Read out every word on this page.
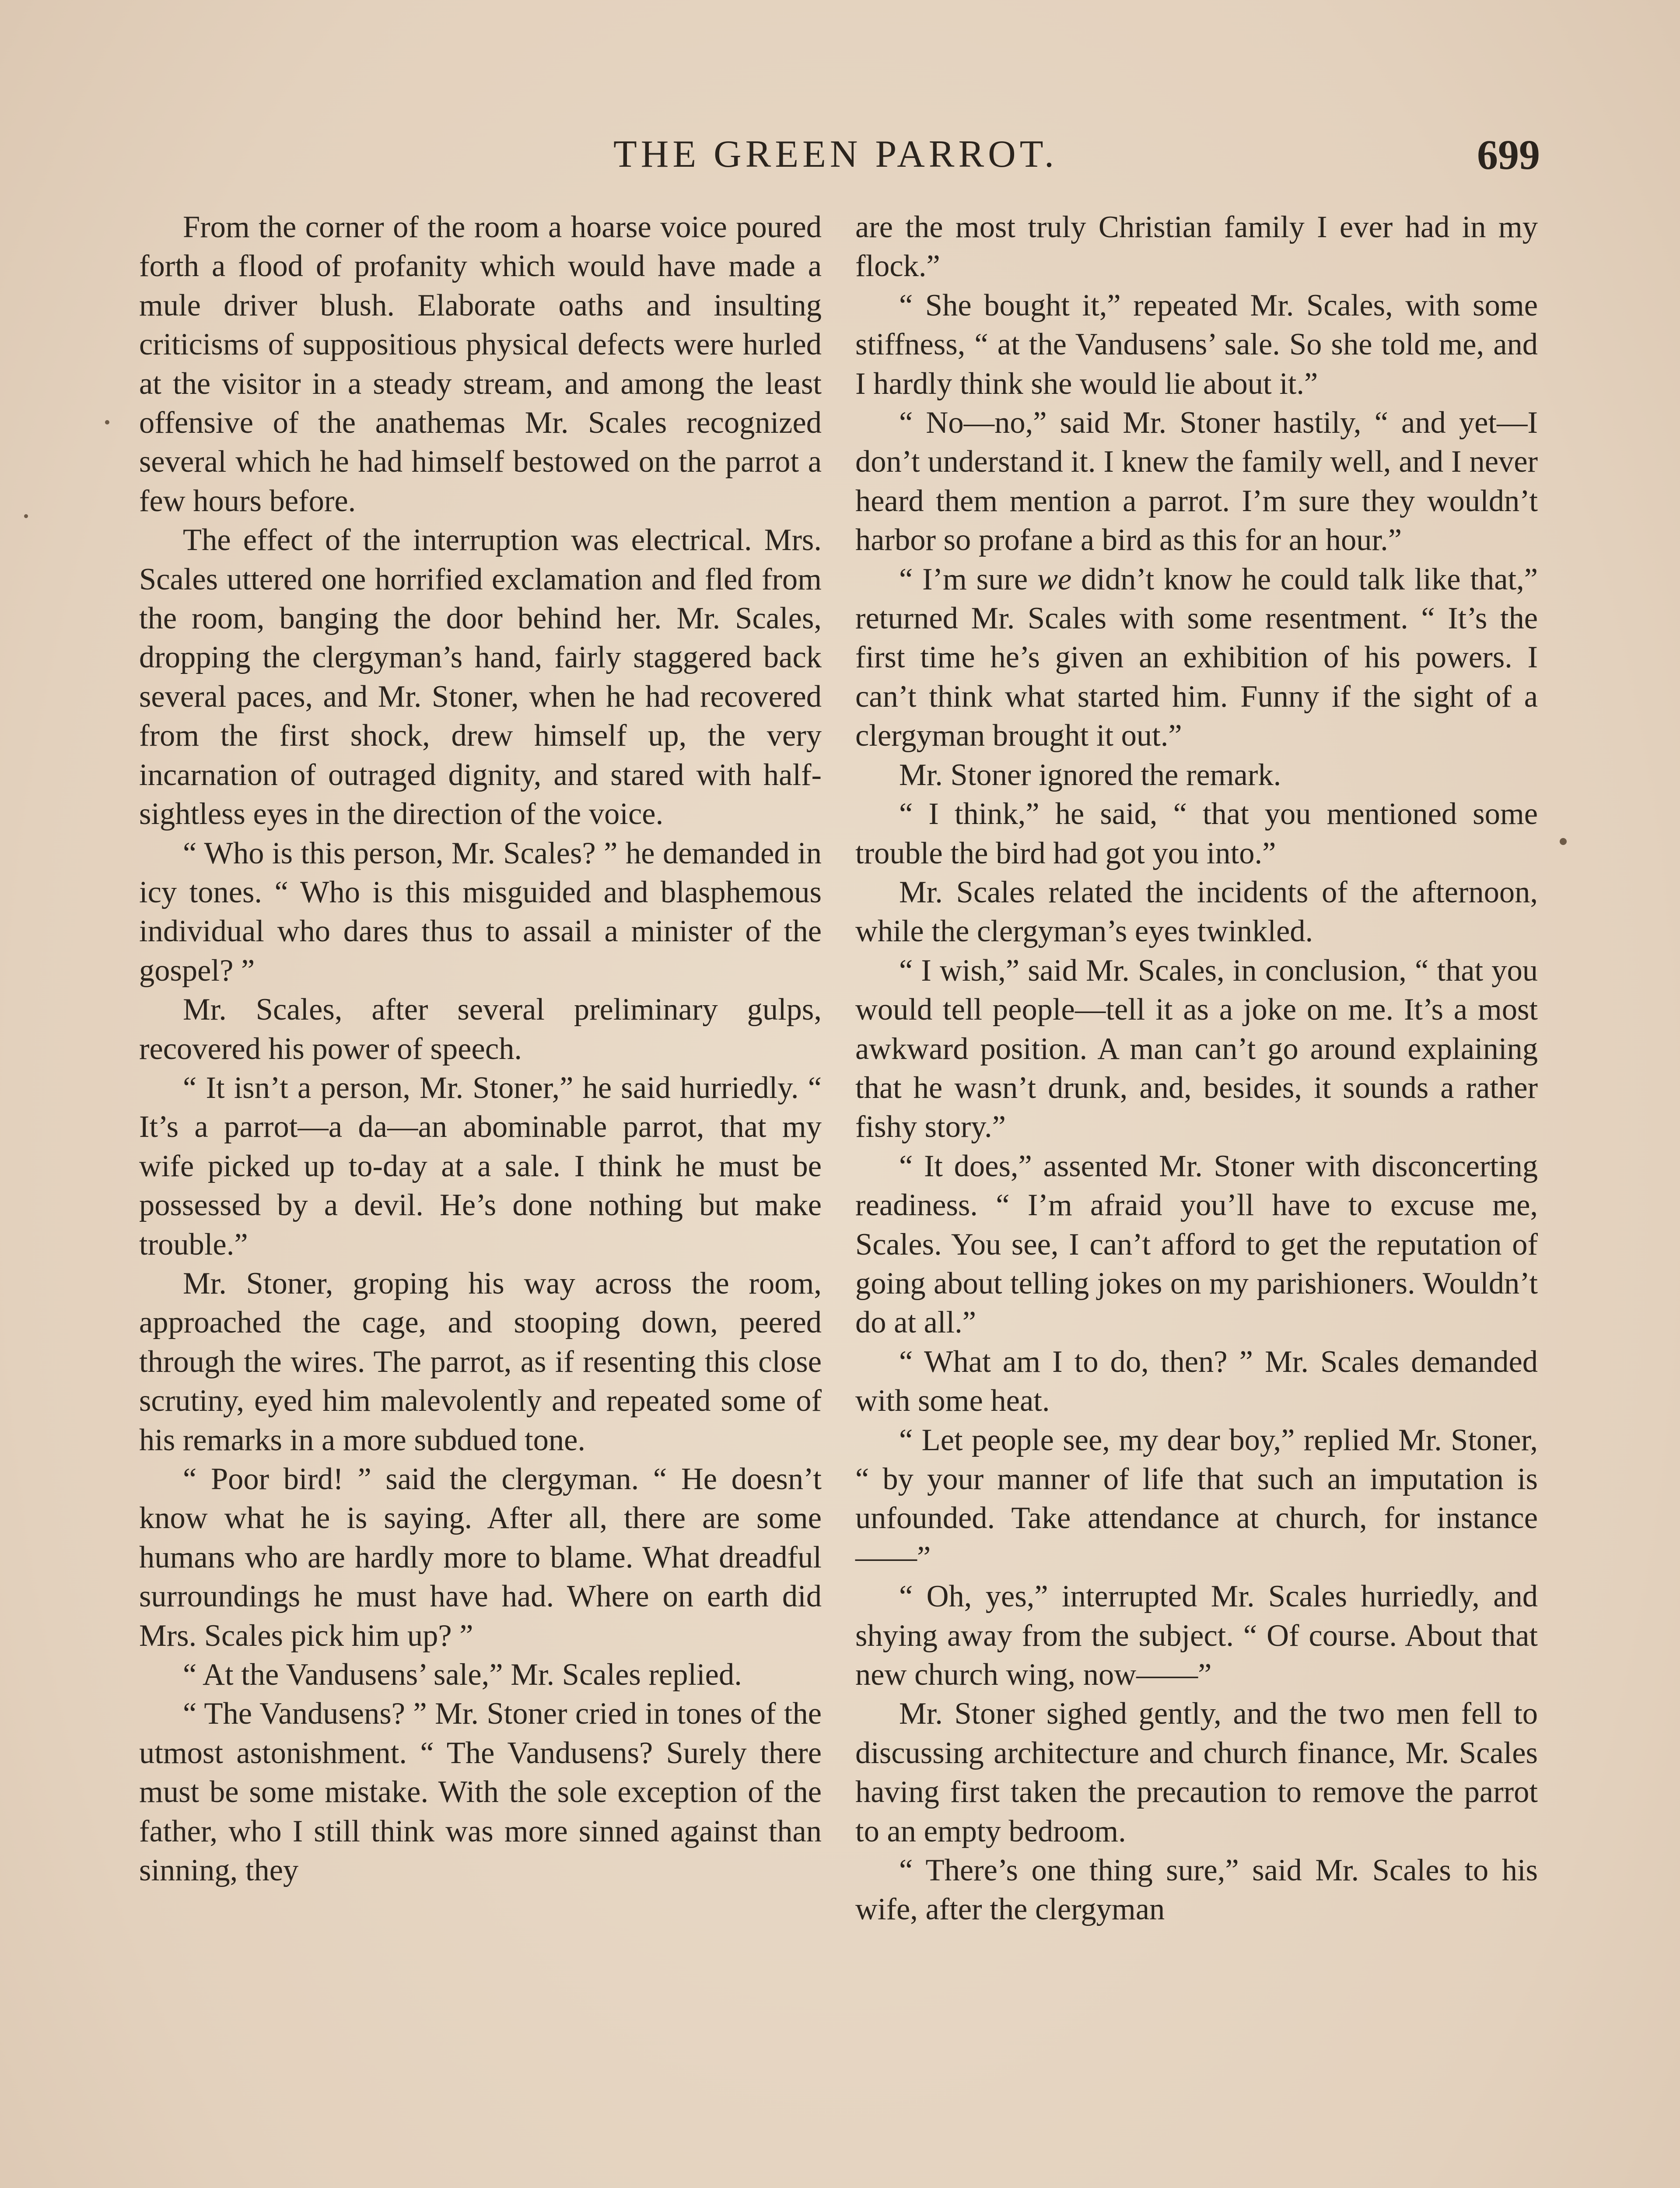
THE GREEN PARROT.	699

From the corner of the room a hoarse voice poured forth a flood of profanity which would have made a mule driver blush. Elaborate oaths and insulting criticisms of suppositious physical defects were hurled at the visitor in a steady stream, and among the least offensive of the anathemas Mr. Scales recognized several which he had himself bestowed on the parrot a few hours before.

The effect of the interruption was electrical. Mrs. Scales uttered one horrified exclamation and fled from the room, banging the door behind her. Mr. Scales, dropping the clergyman’s hand, fairly staggered back several paces, and Mr. Stoner, when he had recovered from the first shock, drew himself up, the very incarnation of outraged dignity, and stared with half-sightless eyes in the direction of the voice.

“ Who is this person, Mr. Scales? ” he demanded in icy tones. “ Who is this misguided and blasphemous individual who dares thus to assail a minister of the gospel? ”

Mr. Scales, after several preliminary gulps, recovered his power of speech.

“ It isn’t a person, Mr. Stoner,” he said hurriedly. “ It’s a parrot—a da—an abominable parrot, that my wife picked up to-day at a sale. I think he must be possessed by a devil. He’s done nothing but make trouble.”

Mr. Stoner, groping his way across the room, approached the cage, and stooping down, peered through the wires. The parrot, as if resenting this close scrutiny, eyed him malevolently and repeated some of his remarks in a more subdued tone.

“ Poor bird! ” said the clergyman. “ He doesn’t know what he is saying. After all, there are some humans who are hardly more to blame. What dreadful surroundings he must have had. Where on earth did Mrs. Scales pick him up? ”

“ At the Vandusens’ sale,” Mr. Scales replied.

“ The Vandusens? ” Mr. Stoner cried in tones of the utmost astonishment. “ The Vandusens? Surely there must be some mistake. With the sole exception of the father, who I still think was more sinned against than sinning, they

are the most truly Christian family I ever had in my flock.”

“ She bought it,” repeated Mr. Scales, with some stiffness, “ at the Vandusens’ sale. So she told me, and I hardly think she would lie about it.”

“ No—no,” said Mr. Stoner hastily, “ and yet—I don’t understand it. I knew the family well, and I never heard them mention a parrot. I’m sure they wouldn’t harbor so profane a bird as this for an hour.”

“ I’m sure we didn’t know he could talk like that,” returned Mr. Scales with some resentment. “ It’s the first time he’s given an exhibition of his powers. I can’t think what started him. Funny if the sight of a clergyman brought it out.”

Mr. Stoner ignored the remark.

“ I think,” he said, “ that you mentioned some trouble the bird had got you into.”

Mr. Scales related the incidents of the afternoon, while the clergyman’s eyes twinkled.

“ I wish,” said Mr. Scales, in conclusion, “ that you would tell people—tell it as a joke on me. It’s a most awkward position. A man can’t go around explaining that he wasn’t drunk, and, besides, it sounds a rather fishy story.”

“ It does,” assented Mr. Stoner with disconcerting readiness. “ I’m afraid you’ll have to excuse me, Scales. You see, I can’t afford to get the reputation of going about telling jokes on my parishioners. Wouldn’t do at all.”

“ What am I to do, then? ” Mr. Scales demanded with some heat.

“ Let people see, my dear boy,” replied Mr. Stoner, “ by your manner of life that such an imputation is unfounded. Take attendance at church, for instance——”

“ Oh, yes,” interrupted Mr. Scales hurriedly, and shying away from the subject. “ Of course. About that new church wing, now——”

Mr. Stoner sighed gently, and the two men fell to discussing architecture and church finance, Mr. Scales having first taken the precaution to remove the parrot to an empty bedroom.

“ There’s one thing sure,” said Mr. Scales to his wife, after the clergyman
